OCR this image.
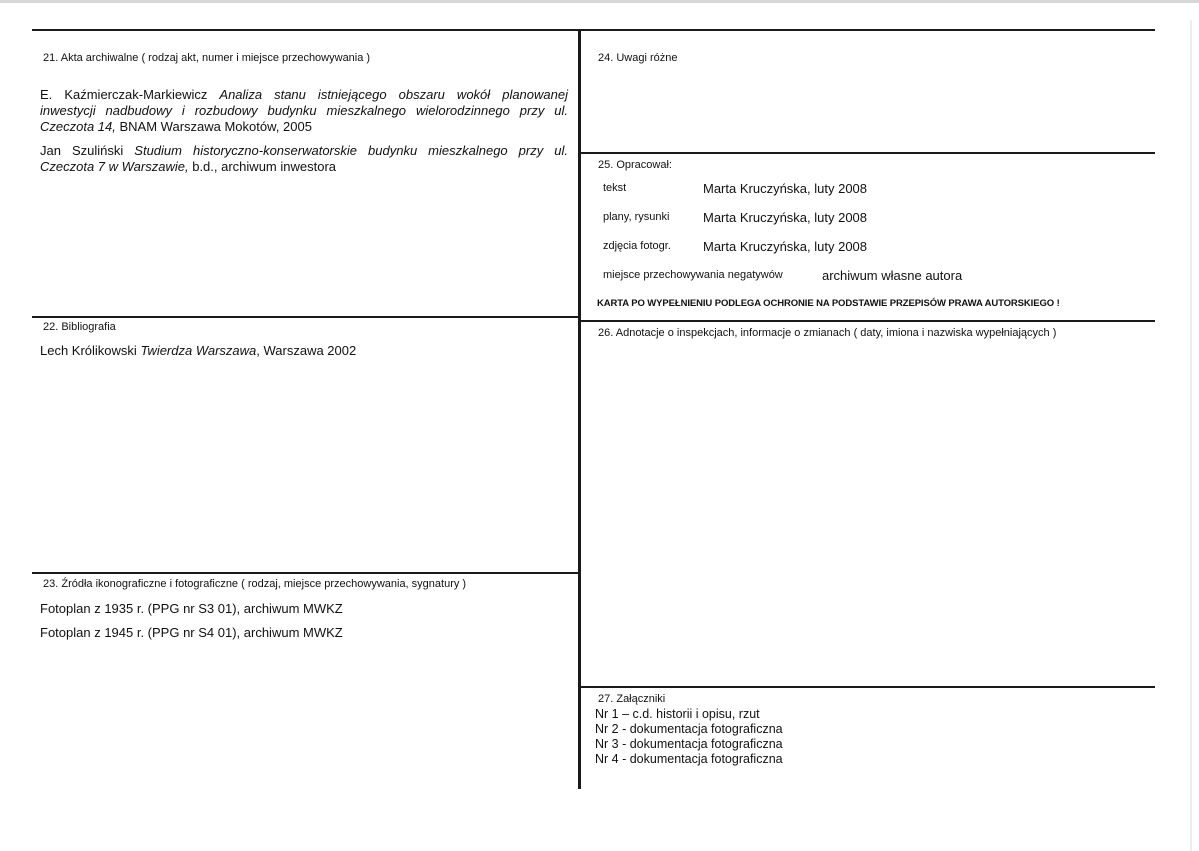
21. Akta archiwalne ( rodzaj akt, numer i miejsce przechowywania )
E. Kaźmierczak-Markiewicz Analiza stanu istniejącego obszaru wokół planowanej inwestycji nadbudowy i rozbudowy budynku mieszkalnego wielorodzinnego przy ul. Czeczota 14, BNAM Warszawa Mokotów, 2005
Jan Szuliński Studium historyczno-konserwatorskie budynku mieszkalnego przy ul. Czeczota 7 w Warszawie, b.d., archiwum inwestora
22. Bibliografia
Lech Królikowski Twierdza Warszawa, Warszawa 2002
23. Źródła ikonograficzne i fotograficzne ( rodzaj, miejsce przechowywania, sygnatury )
Fotoplan z 1935 r. (PPG nr S3 01), archiwum MWKZ
Fotoplan z 1945 r. (PPG nr S4 01), archiwum MWKZ
24. Uwagi różne
25. Opracował:
tekst	Marta Kruczyńska, luty 2008
plany, rysunki	Marta Kruczyńska, luty 2008
zdjęcia fotogr. Marta Kruczyńska, luty 2008
miejsce przechowywania negatywów	archiwum własne autora
KARTA PO WYPEŁNIENIU PODLEGA OCHRONIE NA PODSTAWIE PRZEPISÓW PRAWA AUTORSKIEGO !
26. Adnotacje o inspekcjach, informacje o zmianach ( daty, imiona i nazwiska wypełniających )
27. Załączniki
Nr 1 – c.d. historii i opisu, rzut
Nr 2 - dokumentacja fotograficzna
Nr 3 - dokumentacja fotograficzna
Nr 4 - dokumentacja fotograficzna
